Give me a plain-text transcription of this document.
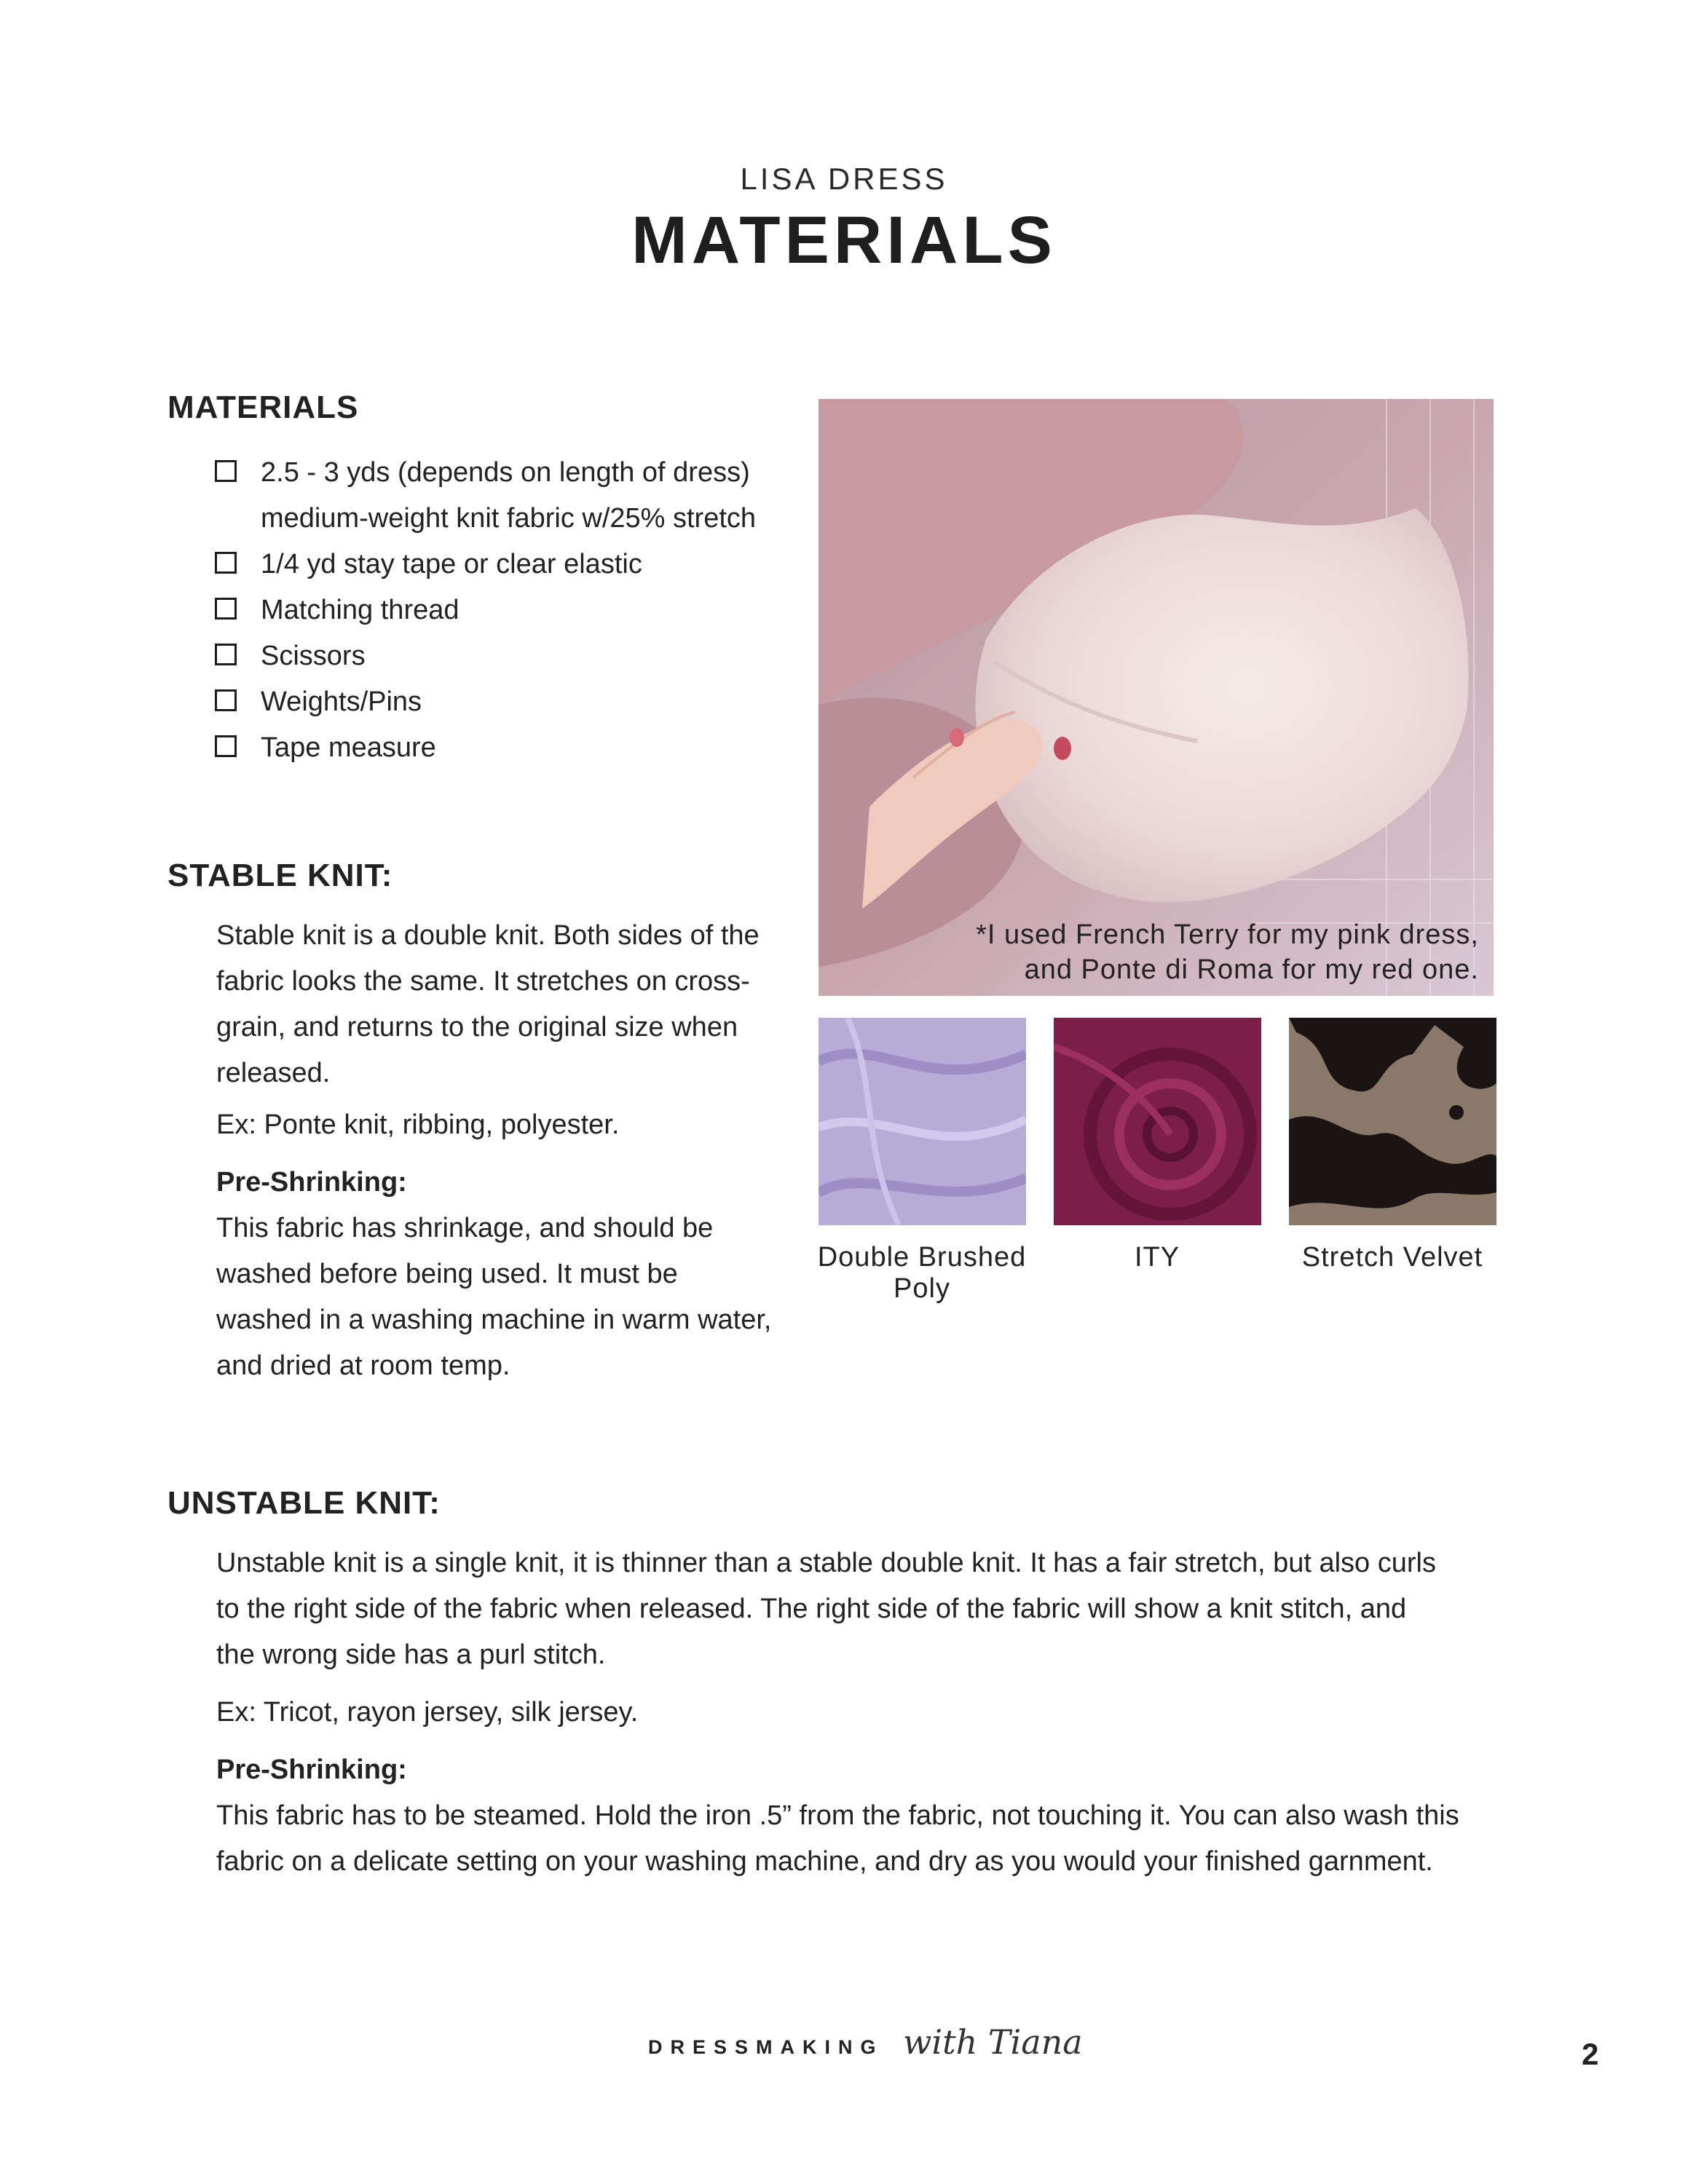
LISA DRESS
MATERIALS
MATERIALS
2.5 - 3 yds (depends on length of dress)
medium-weight knit fabric w/25% stretch
1/4 yd stay tape or clear elastic
Matching thread
Scissors
Weights/Pins
Tape measure
STABLE KNIT:
Stable knit is a double knit. Both sides of the
fabric looks the same. It stretches on cross-
grain, and returns to the original size when
released.
Ex: Ponte knit, ribbing, polyester.
Pre-Shrinking:
This fabric has shrinkage, and should be
washed before being used. It must be
washed in a washing machine in warm water,
and dried at room temp.
*I used French Terry for my pink dress,
and Ponte di Roma for my red one.
Double Brushed Poly
ITY	Stretch Velvet
UNSTABLE KNIT:
Unstable knit is a single knit, it is thinner than a stable double knit. It has a fair stretch, but also curls
to the right side of the fabric when released. The right side of the fabric will show a knit stitch, and
the wrong side has a purl stitch.
Ex: Tricot, rayon jersey, silk jersey.
Pre-Shrinking:
This fabric has to be steamed. Hold the iron .5” from the fabric, not touching it. You can also wash this
fabric on a delicate setting on your washing machine, and dry as you would your finished garnment.
DRESSMAKING with Tiana	2
